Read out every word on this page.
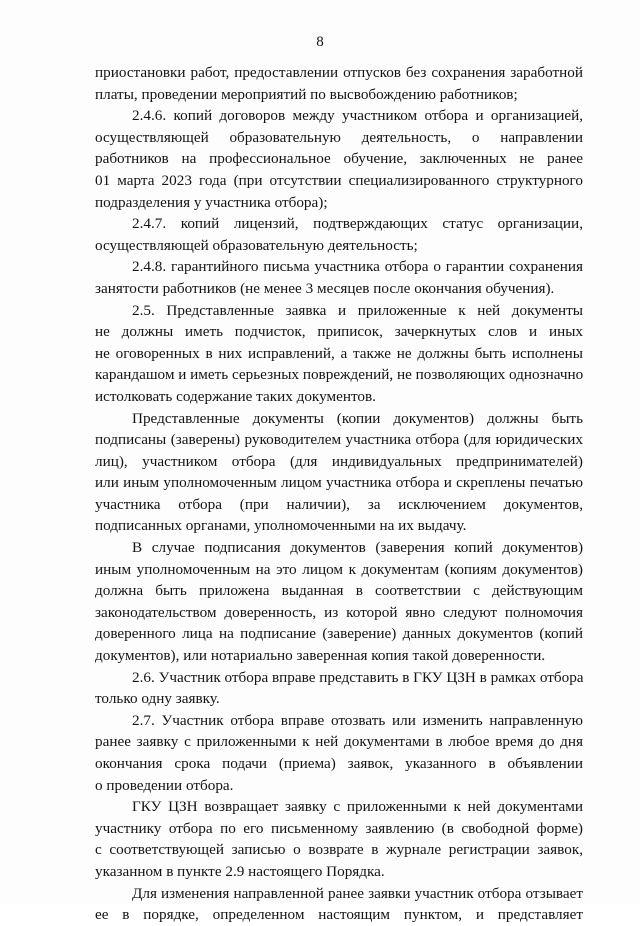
8

приостановки работ, предоставлении отпусков без сохранения заработной
платы, проведении мероприятий по высвобождению работников;

2.4.6. копий договоров между участником отбора и организацией,
осуществляющей образовательную деятельность, о направлении
работников на профессиональное обучение, заключенных не ранее
01 марта 2023 года (при отсутствии специализированного структурного
подразделения у участника отбора);

2.4.7. копий лицензий, подтверждающих статус организации,
осуществляющей образовательную деятельность;

2.4.8. гарантийного письма участника отбора о гарантии сохранения
занятости работников (не менее 3 месяцев после окончания обучения).

2.5. Представленные заявка и приложенные к ней документы
не должны иметь подчисток, приписок, зачеркнутых слов и иных
не оговоренных в них исправлений, а также не должны быть исполнены
карандашом и иметь серьезных повреждений, не позволяющих однозначно
истолковать содержание таких документов.

Представленные документы (копии документов) должны быть
подписаны (заверены) руководителем участника отбора (для юридических
лиц), участником отбора (для индивидуальных предпринимателей)
или иным уполномоченным лицом участника отбора и скреплены печатью
участника отбора (при наличии), за исключением документов,
подписанных органами, уполномоченными на их выдачу.

В случае подписания документов (заверения копий документов)
иным уполномоченным на это лицом к документам (копиям документов)
должна быть приложена выданная в соответствии с действующим
законодательством доверенность, из которой явно следуют полномочия
доверенного лица на подписание (заверение) данных документов (копий
документов), или нотариально заверенная копия такой доверенности.

2.6. Участник отбора вправе представить в ГКУ ЦЗН в рамках отбора
только одну заявку.

2.7. Участник отбора вправе отозвать или изменить направленную
ранее заявку с приложенными к ней документами в любое время до дня
окончания срока подачи (приема) заявок, указанного в объявлении
о проведении отбора.

ГКУ ЦЗН возвращает заявку с приложенными к ней документами
участнику отбора по его письменному заявлению (в свободной форме)
с соответствующей записью о возврате в журнале регистрации заявок,
указанном в пункте 2.9 настоящего Порядка.

Для изменения направленной ранее заявки участник отбора отзывает
ее в порядке, определенном настоящим пунктом, и представляет
